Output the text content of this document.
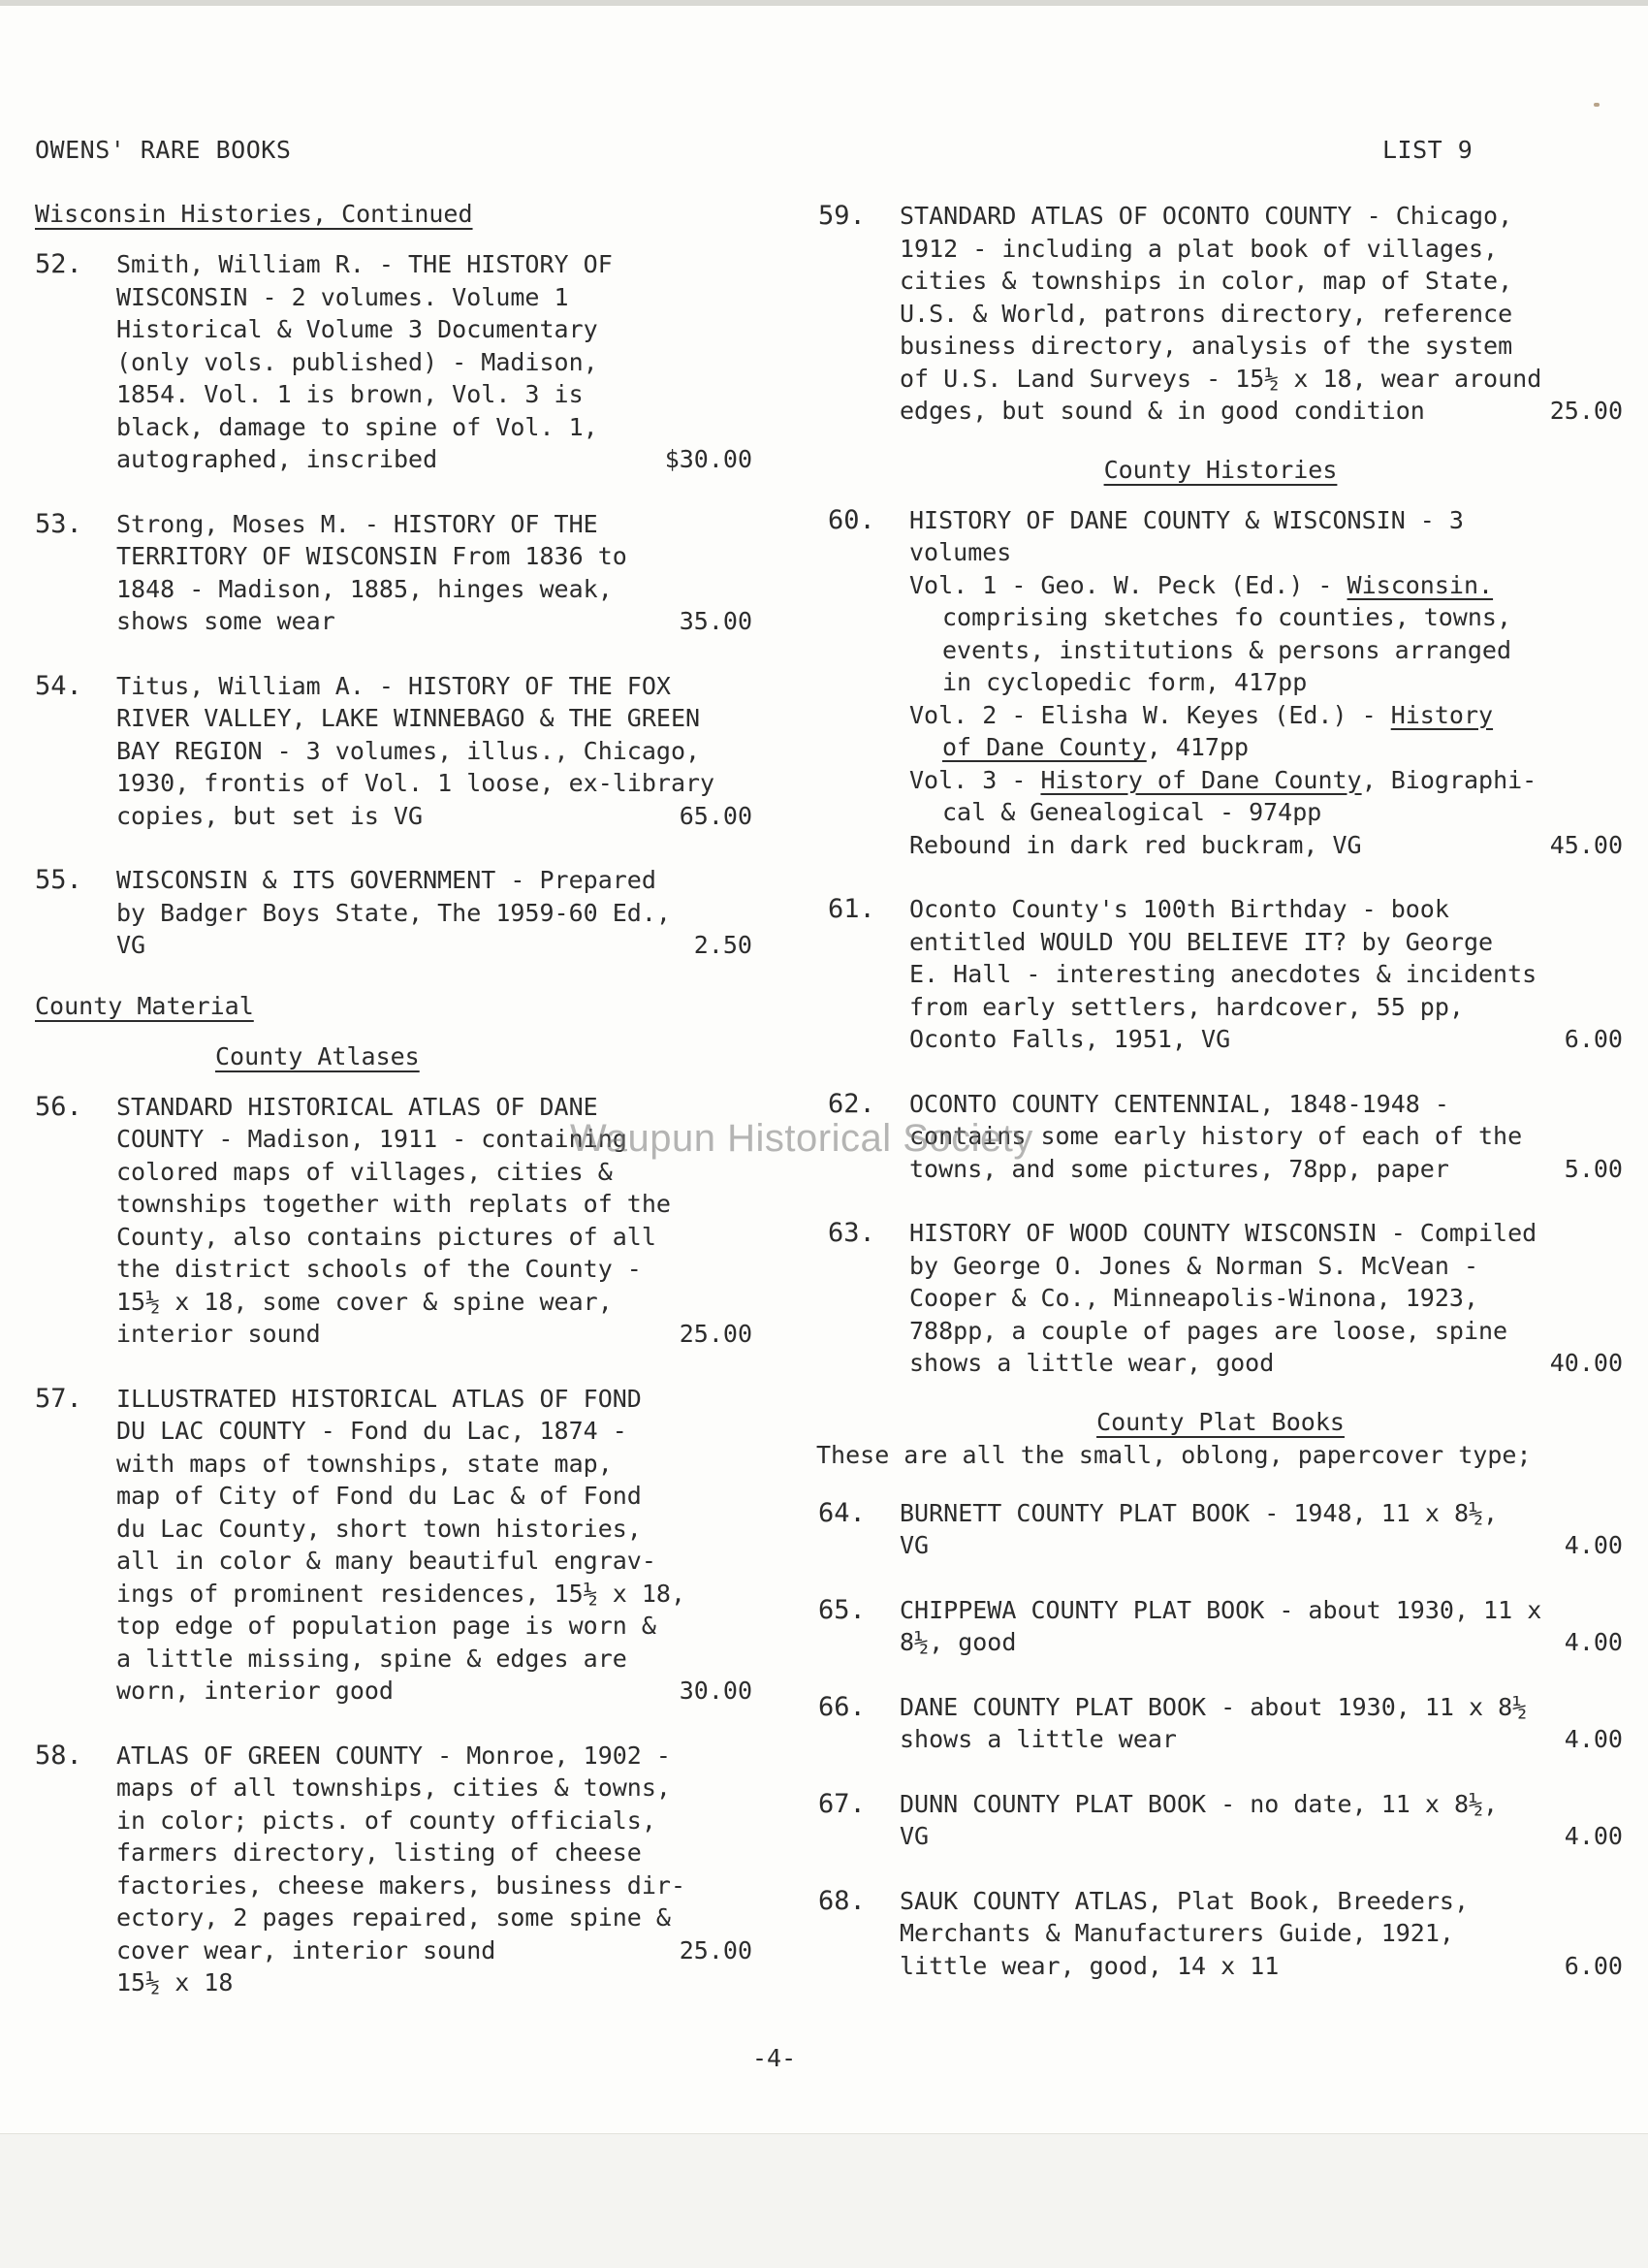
OWENS' RARE BOOKS	LIST 9
Wisconsin Histories, Continued
52.	Smith, William R. - THE HISTORY OF
WISCONSIN - 2 volumes. Volume 1
Historical & Volume 3 Documentary
(only vols. published) - Madison,
1854. Vol. 1 is brown, Vol. 3 is
black, damage to spine of Vol. 1,
autographed, inscribed	$30.00
53.	Strong, Moses M. - HISTORY OF THE
TERRITORY OF WISCONSIN From 1836 to
1848 - Madison, 1885, hinges weak,
shows some wear	35.00
54.	Titus, William A. - HISTORY OF THE FOX
RIVER VALLEY, LAKE WINNEBAGO & THE GREEN
BAY REGION - 3 volumes, illus., Chicago,
1930, frontis of Vol. 1 loose, ex-library
copies, but set is VG	65.00
55.	WISCONSIN & ITS GOVERNMENT - Prepared
by Badger Boys State, The 1959-60 Ed.,
VG	2.50
County Material
County Atlases
56.	STANDARD HISTORICAL ATLAS OF DANE
COUNTY - Madison, 1911 - containing
colored maps of villages, cities &
townships together with replats of the
County, also contains pictures of all
the district schools of the County -
15½ x 18, some cover & spine wear,
interior sound	25.00
57.	ILLUSTRATED HISTORICAL ATLAS OF FOND
DU LAC COUNTY - Fond du Lac, 1874 -
with maps of townships, state map,
map of City of Fond du Lac & of Fond
du Lac County, short town histories,
all in color & many beautiful engrav-
ings of prominent residences, 15½ x 18,
top edge of population page is worn &
a little missing, spine & edges are
worn, interior good	30.00
58.	ATLAS OF GREEN COUNTY - Monroe, 1902 -
maps of all townships, cities & towns,
in color; picts. of county officials,
farmers directory, listing of cheese
factories, cheese makers, business dir-
ectory, 2 pages repaired, some spine &
cover wear, interior sound	25.00
15½ x 18
59.	STANDARD ATLAS OF OCONTO COUNTY - Chicago,
1912 - including a plat book of villages,
cities & townships in color, map of State,
U.S. & World, patrons directory, reference
business directory, analysis of the system
of U.S. Land Surveys - 15½ x 18, wear around
edges, but sound & in good condition	25.00
County Histories
60.	HISTORY OF DANE COUNTY & WISCONSIN - 3
volumes
Vol. 1 - Geo. W. Peck (Ed.) - Wisconsin.
comprising sketches fo counties, towns,
events, institutions & persons arranged
in cyclopedic form, 417pp
Vol. 2 - Elisha W. Keyes (Ed.) - History
of Dane County, 417pp
Vol. 3 - History of Dane County, Biographi-
cal & Genealogical - 974pp
Rebound in dark red buckram, VG	45.00
61.	Oconto County's 100th Birthday - book
entitled WOULD YOU BELIEVE IT? by George
E. Hall - interesting anecdotes & incidents
from early settlers, hardcover, 55 pp,
Oconto Falls, 1951, VG	6.00
62.	OCONTO COUNTY CENTENNIAL, 1848-1948 -
contains some early history of each of the
towns, and some pictures, 78pp, paper	5.00
63.	HISTORY OF WOOD COUNTY WISCONSIN - Compiled
by George O. Jones & Norman S. McVean -
Cooper & Co., Minneapolis-Winona, 1923,
788pp, a couple of pages are loose, spine
shows a little wear, good	40.00
County Plat Books
These are all the small, oblong, papercover type;
64.	BURNETT COUNTY PLAT BOOK - 1948, 11 x 8½,
VG	4.00
65.	CHIPPEWA COUNTY PLAT BOOK - about 1930, 11 x
8½, good	4.00
66.	DANE COUNTY PLAT BOOK - about 1930, 11 x 8½
shows a little wear	4.00
67.	DUNN COUNTY PLAT BOOK - no date, 11 x 8½,
VG	4.00
68.	SAUK COUNTY ATLAS, Plat Book, Breeders,
Merchants & Manufacturers Guide, 1921,
little wear, good, 14 x 11	6.00
-4-
Waupun Historical Society
